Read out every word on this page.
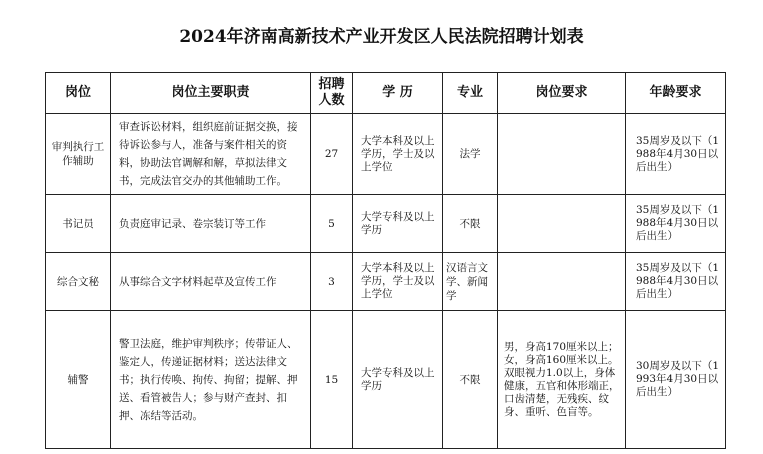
2024年济南高新技术产业开发区人民法院招聘计划表
岗位	岗位主要职责	招聘人数	学 历	专业	岗位要求	年龄要求
审判执行工作辅助	审查诉讼材料，组织庭前证据交换，接待诉讼参与人，准备与案件相关的资料，协助法官调解和解，草拟法律文书，完成法官交办的其他辅助工作。	27	大学本科及以上学历，学士及以上学位	法学		35周岁及以下（1988年4月30日以后出生）
书记员	负责庭审记录、卷宗装订等工作	5	大学专科及以上学历	不限		35周岁及以下（1988年4月30日以后出生）
综合文秘	从事综合文字材料起草及宣传工作	3	大学本科及以上学历，学士及以上学位	汉语言文学、新闻学		35周岁及以下（1988年4月30日以后出生）
辅警	警卫法庭，维护审判秩序；传带证人、鉴定人，传递证据材料；送达法律文书；执行传唤、拘传、拘留；提解、押送、看管被告人；参与财产查封、扣押、冻结等活动。	15	大学专科及以上学历	不限	男，身高170厘米以上；女，身高160厘米以上。双眼视力1.0以上，身体健康，五官和体形端正，口齿清楚，无残疾、纹身、重听、色盲等。	30周岁及以下（1993年4月30日以后出生）
